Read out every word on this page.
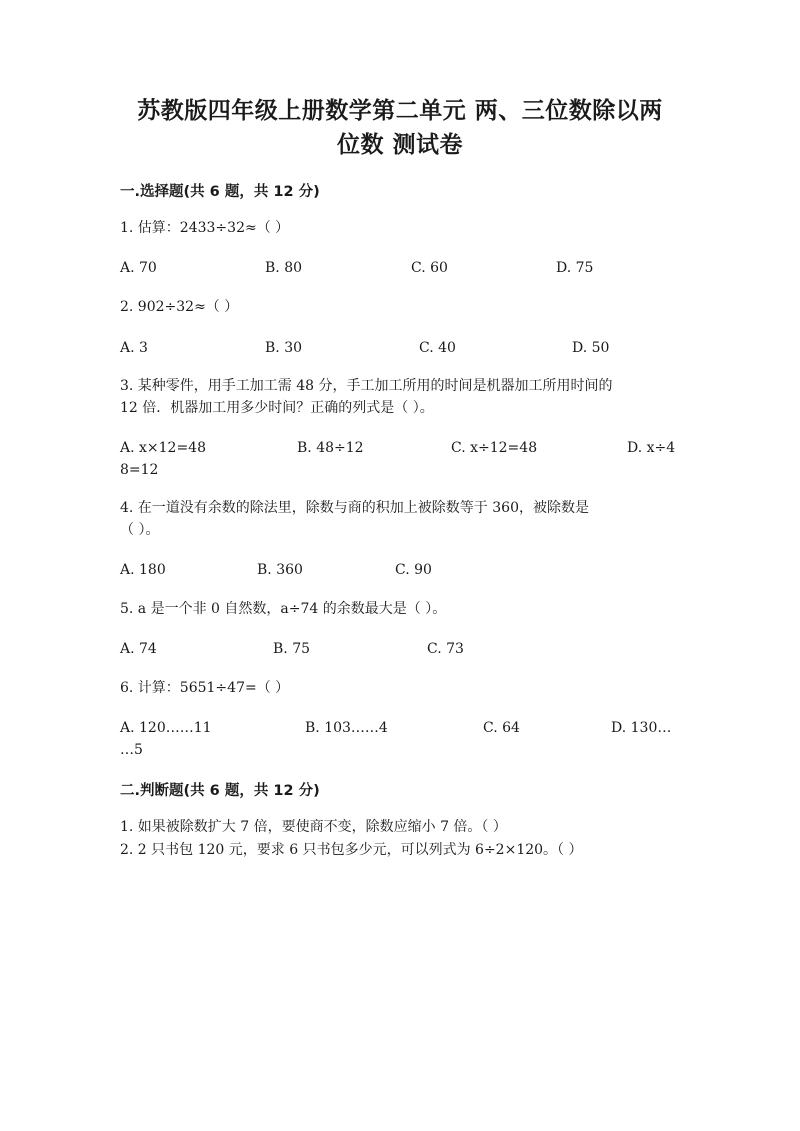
苏教版四年级上册数学第二单元 两、三位数除以两
位数 测试卷
一.选择题(共 6 题，共 12 分)
1. 估算：2433÷32≈（ ）
A. 70	B. 80	C. 60	D. 75
2. 902÷32≈（ ）
A. 3	B. 30	C. 40	D. 50
3. 某种零件，用手工加工需 48 分，手工加工所用的时间是机器加工所用时间的
12 倍．机器加工用多少时间？正确的列式是（ ）。
A. x×12=48	B. 48÷12	C. x÷12=48	D. x÷4
8=12
4. 在一道没有余数的除法里，除数与商的积加上被除数等于 360，被除数是
（ ）。
A. 180	B. 360	C. 90
5. a 是一个非 0 自然数，a÷74 的余数最大是（ ）。
A. 74	B. 75	C. 73
6. 计算：5651÷47=（ ）
A. 120……11	B. 103……4	C. 64	D. 130…
…5
二.判断题(共 6 题，共 12 分)
1. 如果被除数扩大 7 倍，要使商不变，除数应缩小 7 倍。（ ）
2. 2 只书包 120 元，要求 6 只书包多少元，可以列式为 6÷2×120。（ ）
